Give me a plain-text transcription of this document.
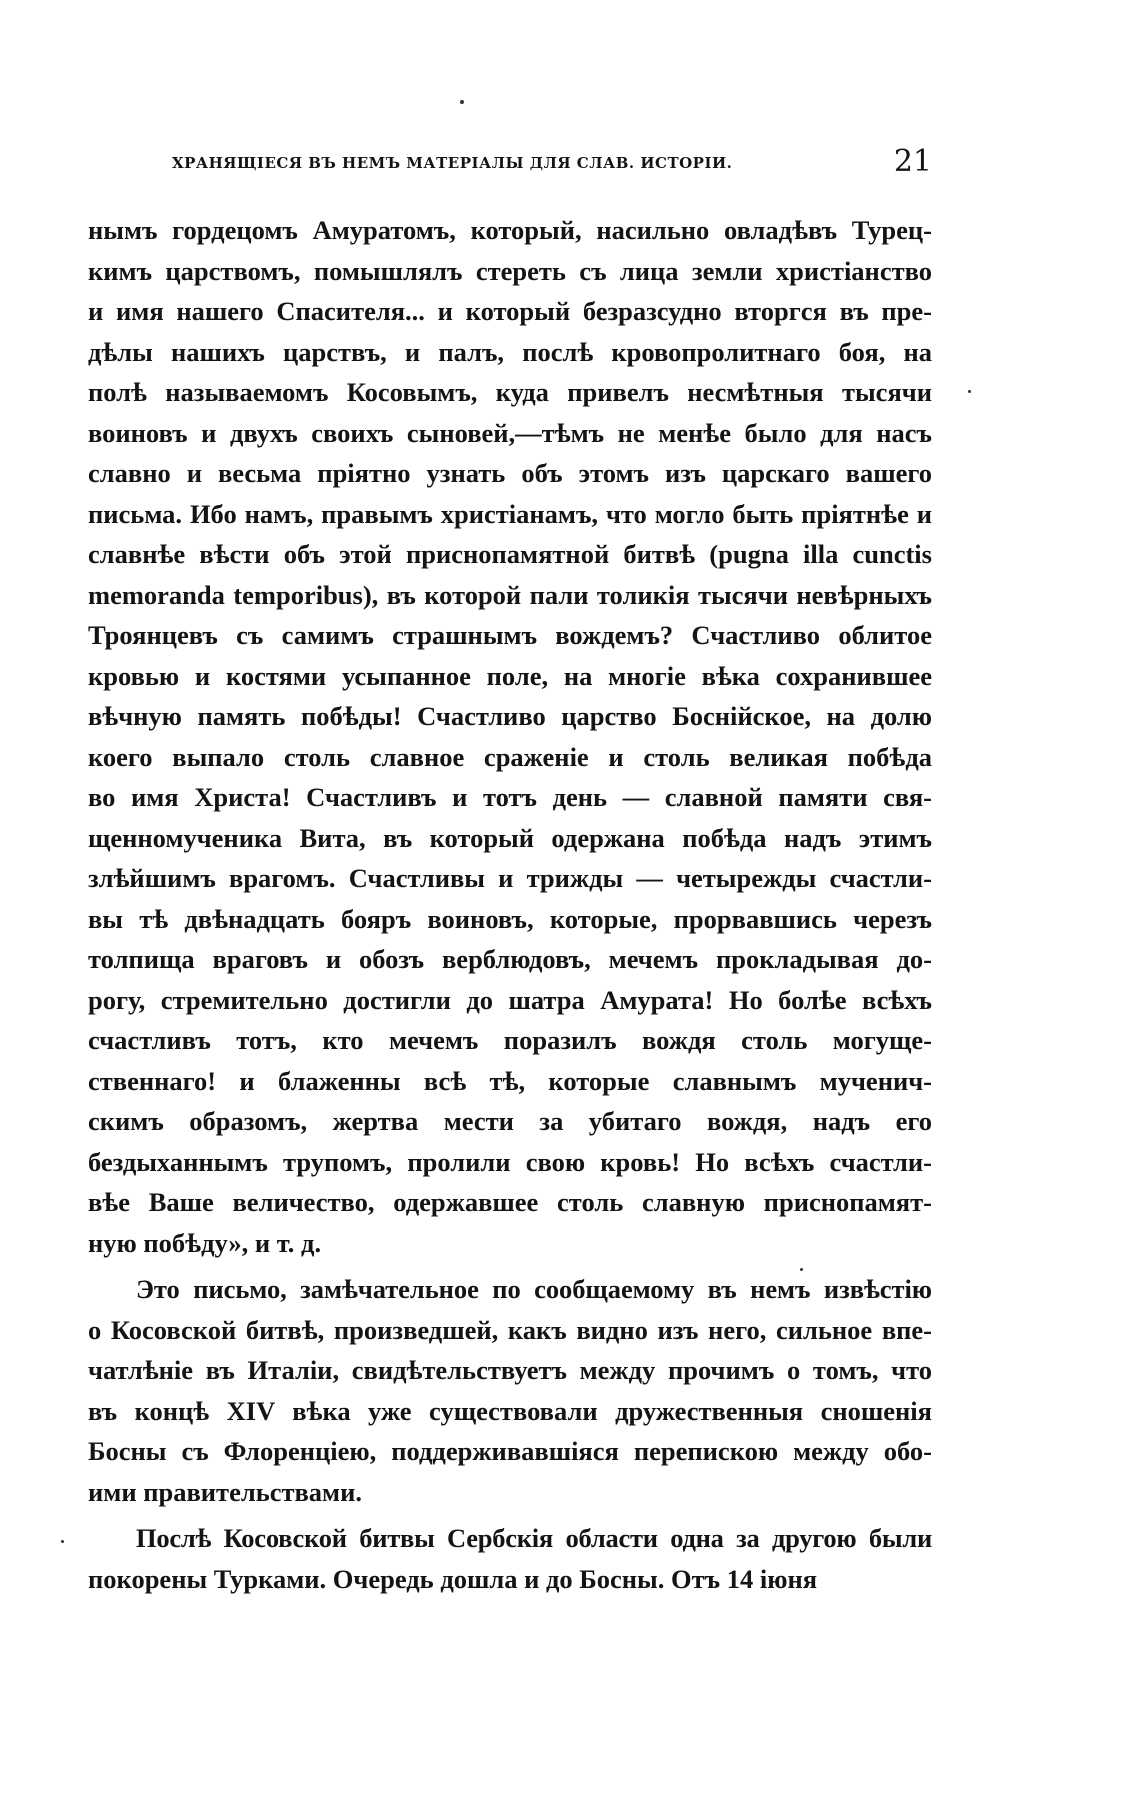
ХРАНЯЩІЕСЯ ВЪ НЕМЪ МАТЕРІАЛЫ ДЛЯ СЛАВ. ИСТОРІИ.	21
нымъ гордецомъ Амуратомъ, который, насильно овладѣвъ Турец-
кимъ царствомъ, помышлялъ стереть съ лица земли христіанство
и имя нашего Спасителя... и который безразсудно вторгся въ пре-
дѣлы нашихъ царствъ, и палъ, послѣ кровопролитнаго боя, на
полѣ называемомъ Косовымъ, куда привелъ несмѣтныя тысячи
воиновъ и двухъ своихъ сыновей,—тѣмъ не менѣе было для насъ
славно и весьма пріятно узнать объ этомъ изъ царскаго вашего
письма. Ибо намъ, правымъ христіанамъ, что могло быть пріятнѣе и
славнѣе вѣсти объ этой приснопамятной битвѣ (pugna illa cunctis
memoranda temporibus), въ которой пали толикія тысячи невѣрныхъ
Троянцевъ съ самимъ страшнымъ вождемъ? Счастливо облитое
кровью и костями усыпанное поле, на многіе вѣка сохранившее
вѣчную память побѣды! Счастливо царство Боснійское, на долю
коего выпало столь славное сраженіе и столь великая побѣда
во имя Христа! Счастливъ и тотъ день — славной памяти свя-
щенномученика Вита, въ который одержана побѣда надъ этимъ
злѣйшимъ врагомъ. Счастливы и трижды — четырежды счастли-
вы тѣ двѣнадцать бояръ воиновъ, которые, прорвавшись черезъ
толпища враговъ и обозъ верблюдовъ, мечемъ прокладывая до-
рогу, стремительно достигли до шатра Амурата! Но болѣе всѣхъ
счастливъ тотъ, кто мечемъ поразилъ вождя столь могуще-
ственнаго! и блаженны всѣ тѣ, которые славнымъ мученич-
скимъ образомъ, жертва мести за убитаго вождя, надъ его
бездыханнымъ трупомъ, пролили свою кровь! Но всѣхъ счастли-
вѣе Ваше величество, одержавшее столь славную приснопамят-
ную побѣду», и т. д.
Это письмо, замѣчательное по сообщаемому въ немъ извѣстію
о Косовской битвѣ, произведшей, какъ видно изъ него, сильное впе-
чатлѣніе въ Италіи, свидѣтельствуетъ между прочимъ о томъ, что
въ концѣ XIV вѣка уже существовали дружественныя сношенія
Босны съ Флоренціею, поддерживавшіяся перепискою между обо-
ими правительствами.
Послѣ Косовской битвы Сербскія области одна за другою были
покорены Турками. Очередь дошла и до Босны. Отъ 14 іюня
